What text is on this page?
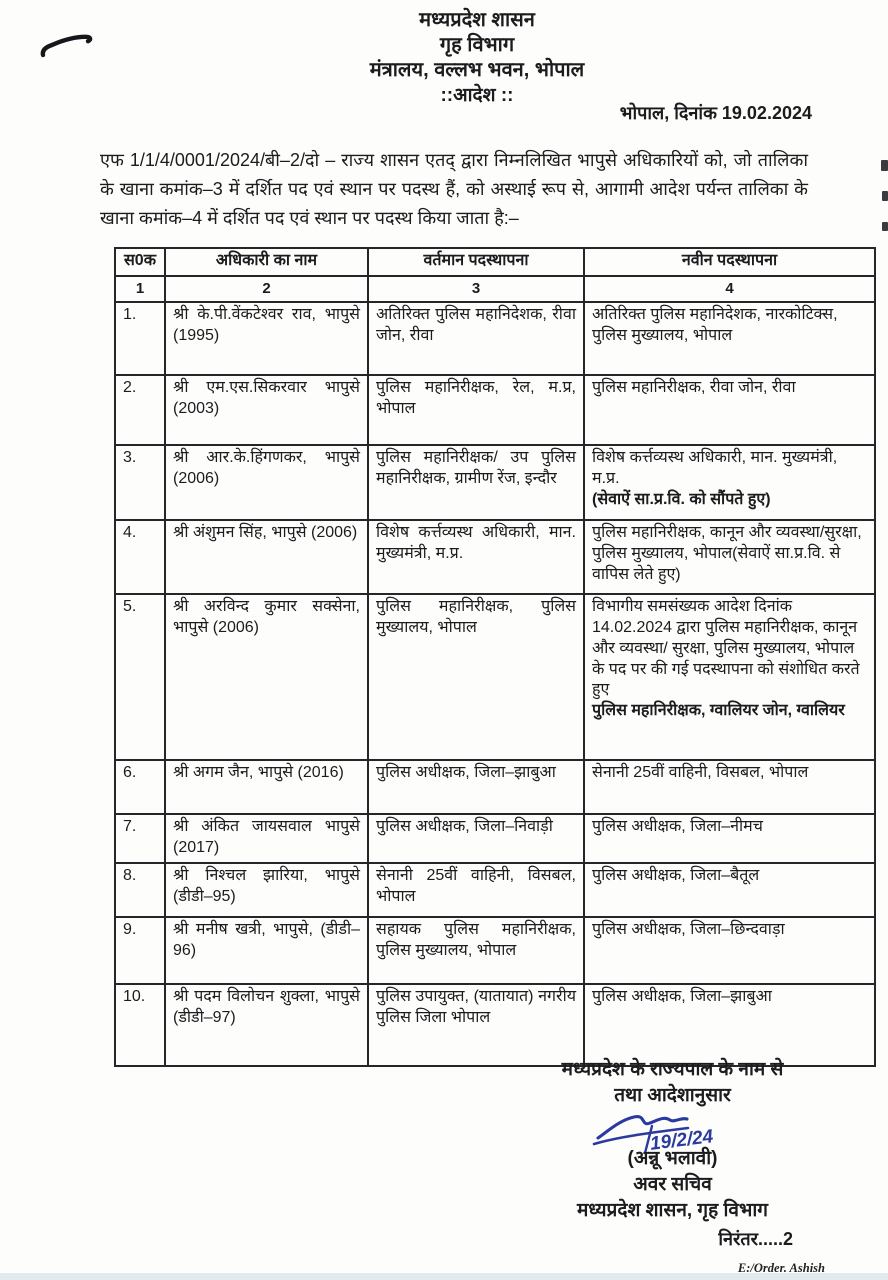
मध्यप्रदेश शासन
गृह विभाग
मंत्रालय, वल्लभ भवन, भोपाल
::आदेश ::
भोपाल, दिनांक 19.02.2024
एफ 1/1/4/0001/2024/बी–2/दो – राज्य शासन एतद् द्वारा निम्नलिखित भापुसे अधिकारियों को, जो तालिका के खाना कमांक–3 में दर्शित पद एवं स्थान पर पदस्थ हैं, को अस्थाई रूप से, आगामी आदेश पर्यन्त तालिका के खाना कमांक–4 में दर्शित पद एवं स्थान पर पदस्थ किया जाता है:–
स0क	अधिकारी का नाम	वर्तमान पदस्थापना	नवीन पदस्थापना
1	2	3	4
1.	श्री के.पी.वेंकटेश्वर राव, भापुसे (1995)	अतिरिक्त पुलिस महानिदेशक, रीवा जोन, रीवा	अतिरिक्त पुलिस महानिदेशक, नारकोटिक्स, पुलिस मुख्यालय, भोपाल

2.	श्री एम.एस.सिकरवार भापुसे (2003)	पुलिस महानिरीक्षक, रेल, म.प्र, भोपाल	पुलिस महानिरीक्षक, रीवा जोन, रीवा

3.	श्री आर.के.हिंगणकर, भापुसे (2006)	पुलिस महानिरीक्षक/ उप पुलिस महानिरीक्षक, ग्रामीण रेंज, इन्दौर	विशेष कर्त्तव्यस्थ अधिकारी, मान. मुख्यमंत्री, म.प्र.
(सेवाऐं सा.प्र.वि. को सौंपते हुए)

4.	श्री अंशुमन सिंह, भापुसे (2006)	विशेष कर्त्तव्यस्थ अधिकारी, मान. मुख्यमंत्री, म.प्र.	पुलिस महानिरीक्षक, कानून और व्यवस्था/सुरक्षा, पुलिस मुख्यालय, भोपाल(सेवाऐं सा.प्र.वि. से वापिस लेते हुए)

5.	श्री अरविन्द कुमार सक्सेना, भापुसे (2006)	पुलिस महानिरीक्षक, पुलिस मुख्यालय, भोपाल	विभागीय समसंख्यक आदेश दिनांक 14.02.2024 द्वारा पुलिस महानिरीक्षक, कानून और व्यवस्था/ सुरक्षा, पुलिस मुख्यालय, भोपाल के पद पर की गई पदस्थापना को संशोधित करते हुए
पुलिस महानिरीक्षक, ग्वालियर जोन, ग्वालियर

6.	श्री अगम जैन, भापुसे (2016)	पुलिस अधीक्षक, जिला–झाबुआ	सेनानी 25वीं वाहिनी, विसबल, भोपाल

7.	श्री अंकित जायसवाल भापुसे (2017)	पुलिस अधीक्षक, जिला–निवाड़ी	पुलिस अधीक्षक, जिला–नीमच

8.	श्री निश्चल झारिया, भापुसे (डीडी–95)	सेनानी 25वीं वाहिनी, विसबल, भोपाल	पुलिस अधीक्षक, जिला–बैतूल

9.	श्री मनीष खत्री, भापुसे, (डीडी–96)	सहायक पुलिस महानिरीक्षक, पुलिस मुख्यालय, भोपाल	पुलिस अधीक्षक, जिला–छिन्दवाड़ा

10.	श्री पदम विलोचन शुक्ला, भापुसे (डीडी–97)	पुलिस उपायुक्त, (यातायात) नगरीय पुलिस जिला भोपाल	पुलिस अधीक्षक, जिला–झाबुआ
मध्यप्रदेश के राज्यपाल के नाम से
तथा आदेशानुसार
19/2/24
(अन्नू भलावी)
अवर सचिव
मध्यप्रदेश शासन, गृह विभाग
निरंतर.....2
E:/Order. Ashish
